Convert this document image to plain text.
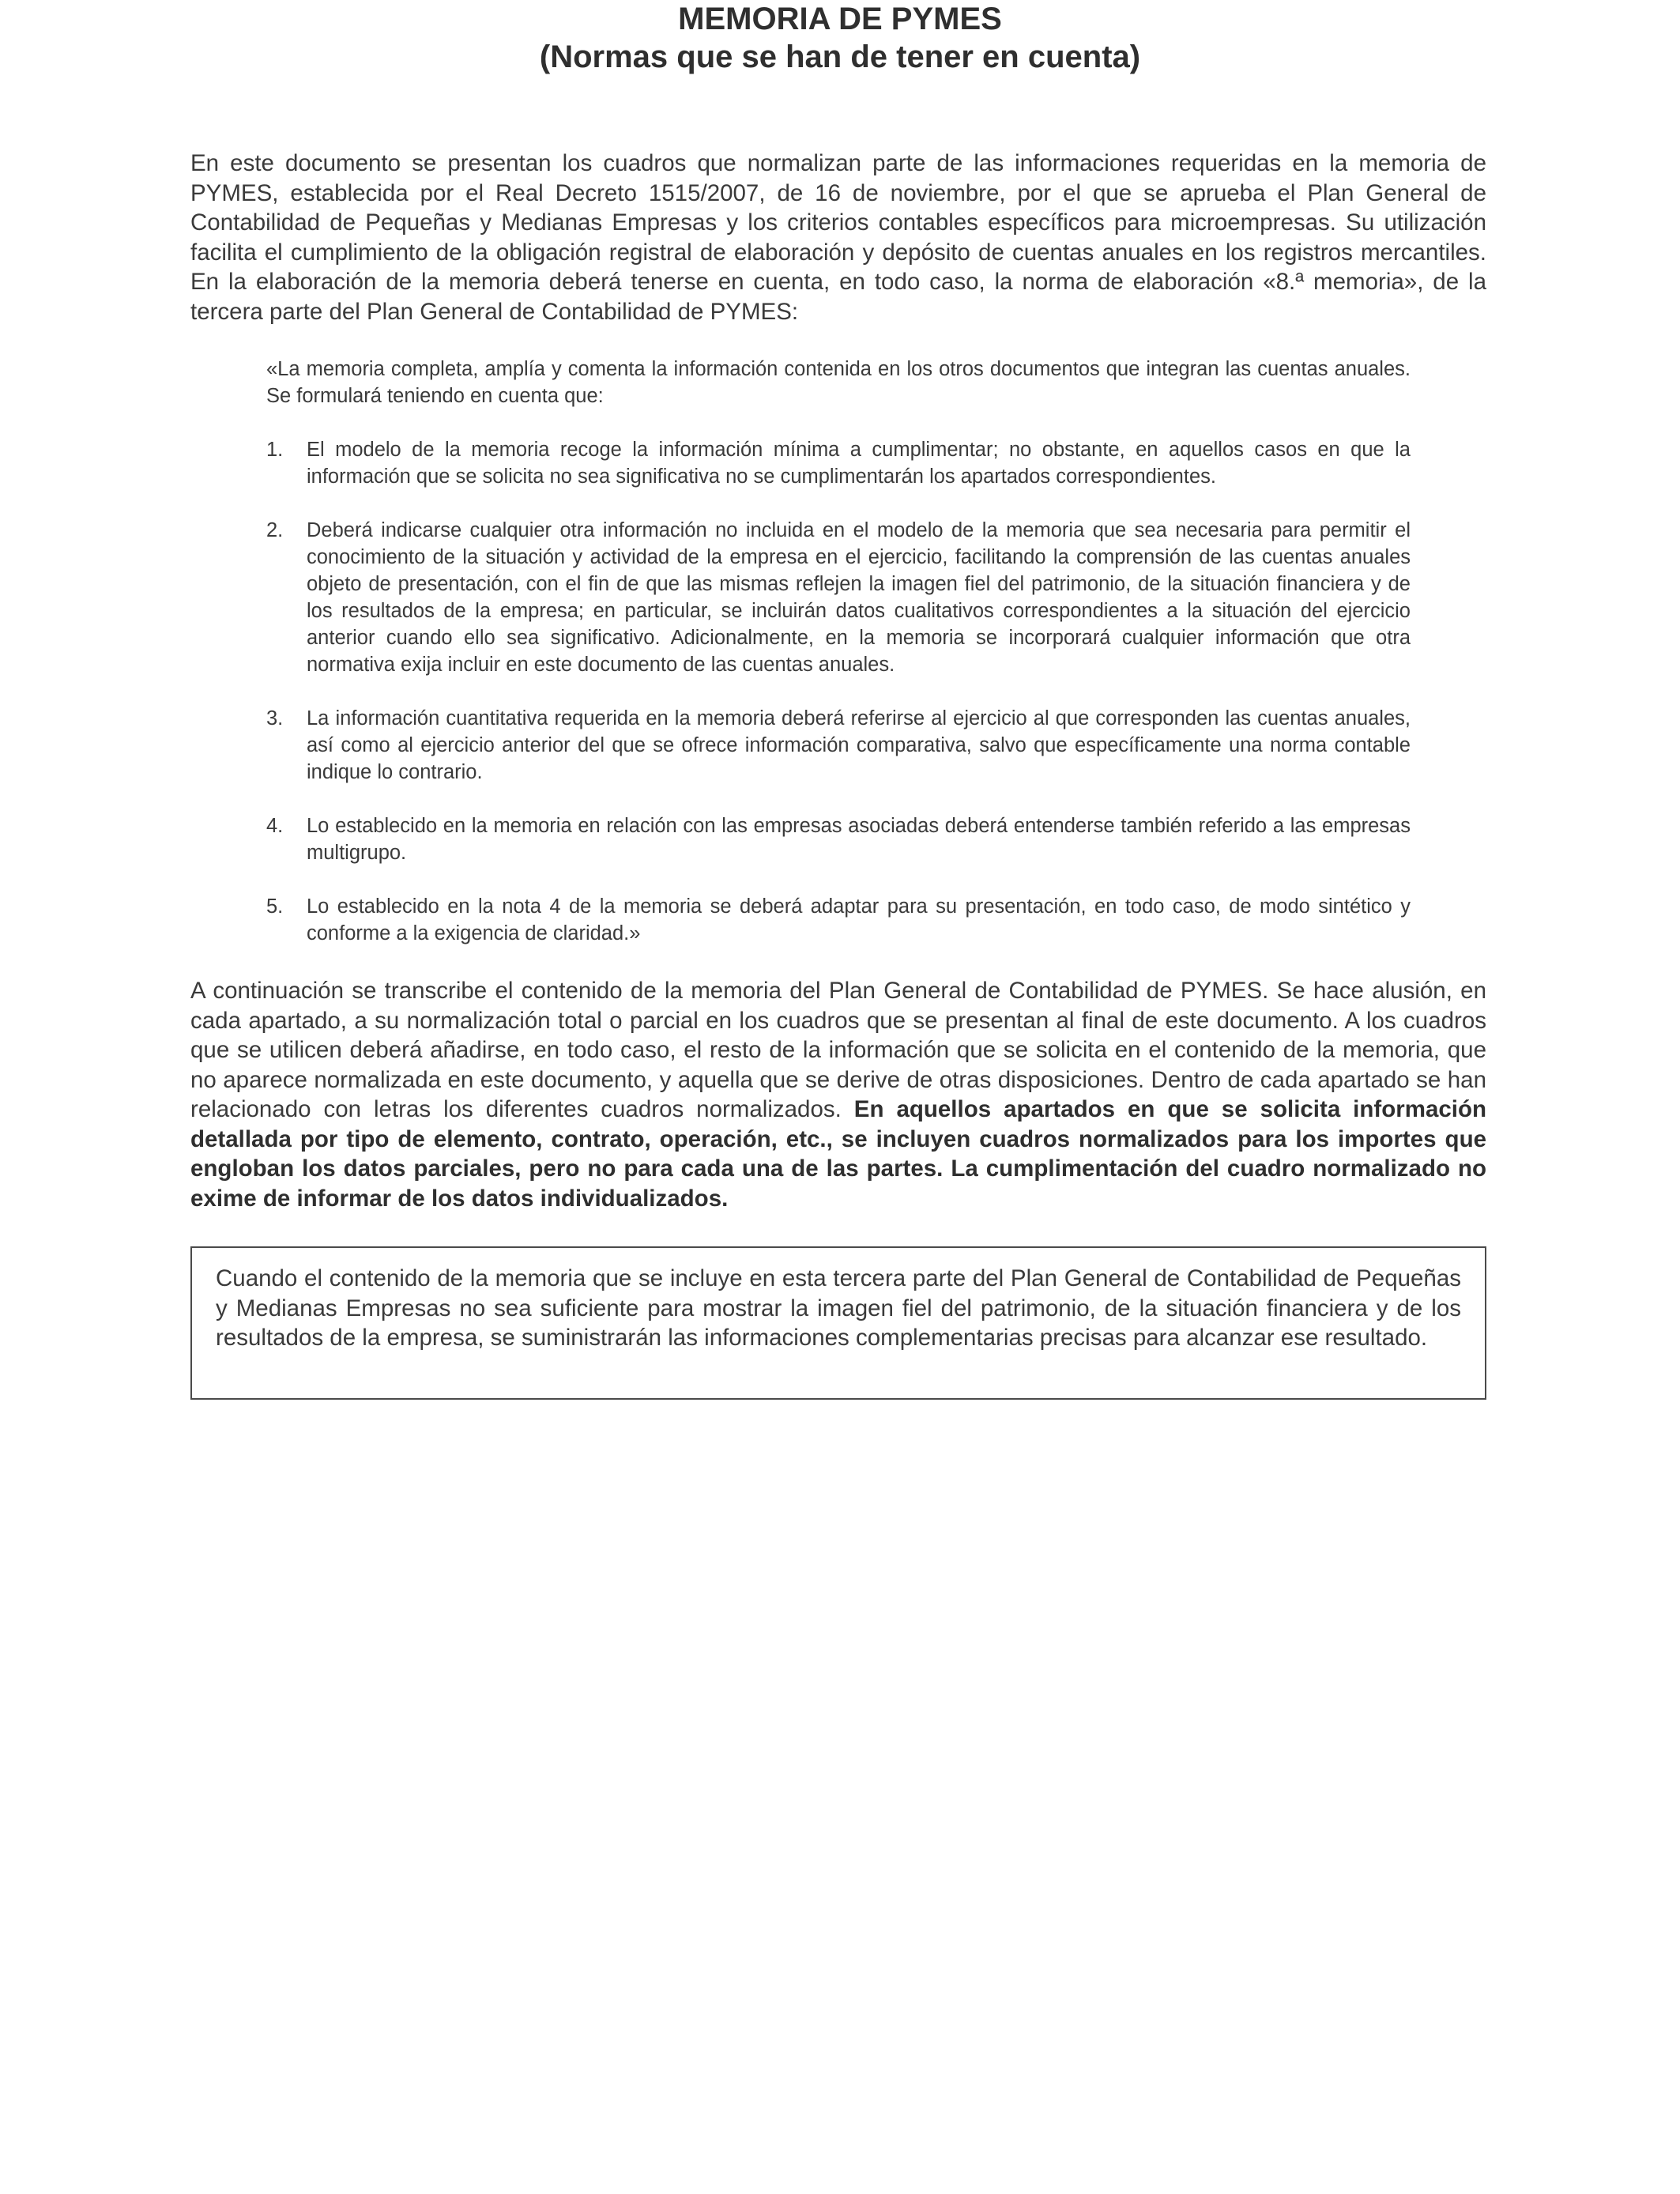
MEMORIA DE PYMES
(Normas que se han de tener en cuenta)

En este documento se presentan los cuadros que normalizan parte de las informaciones requeridas en la memoria de PYMES, establecida por el Real Decreto 1515/2007, de 16 de noviembre, por el que se aprueba el Plan General de Contabilidad de Pequeñas y Medianas Empresas y los criterios contables específicos para microempresas. Su utilización facilita el cumplimiento de la obligación registral de elaboración y depósito de cuentas anuales en los registros mercantiles. En la elaboración de la memoria deberá tenerse en cuenta, en todo caso, la norma de elaboración «8.ª memoria», de la tercera parte del Plan General de Contabilidad de PYMES:

«La memoria completa, amplía y comenta la información contenida en los otros documentos que integran las cuentas anuales. Se formulará teniendo en cuenta que:

1.	El modelo de la memoria recoge la información mínima a cumplimentar; no obstante, en aquellos casos en que la información que se solicita no sea significativa no se cumplimentarán los apartados correspondientes.
2.	Deberá indicarse cualquier otra información no incluida en el modelo de la memoria que sea necesaria para permitir el conocimiento de la situación y actividad de la empresa en el ejercicio, facilitando la comprensión de las cuentas anuales objeto de presentación, con el fin de que las mismas reflejen la imagen fiel del patrimonio, de la situación financiera y de los resultados de la empresa; en particular, se incluirán datos cualitativos correspondientes a la situación del ejercicio anterior cuando ello sea significativo. Adicionalmente, en la memoria se incorporará cualquier información que otra normativa exija incluir en este documento de las cuentas anuales.
3.	La información cuantitativa requerida en la memoria deberá referirse al ejercicio al que corresponden las cuentas anuales, así como al ejercicio anterior del que se ofrece información comparativa, salvo que específicamente una norma contable indique lo contrario.
4.	Lo establecido en la memoria en relación con las empresas asociadas deberá entenderse también referido a las empresas multigrupo.
5.	Lo establecido en la nota 4 de la memoria se deberá adaptar para su presentación, en todo caso, de modo sintético y conforme a la exigencia de claridad.»

A continuación se transcribe el contenido de la memoria del Plan General de Contabilidad de PYMES. Se hace alusión, en cada apartado, a su normalización total o parcial en los cuadros que se presentan al final de este documento. A los cuadros que se utilicen deberá añadirse, en todo caso, el resto de la información que se solicita en el contenido de la memoria, que no aparece normalizada en este documento, y aquella que se derive de otras disposiciones. Dentro de cada apartado se han relacionado con letras los diferentes cuadros normalizados. En aquellos apartados en que se solicita información detallada por tipo de elemento, contrato, operación, etc., se incluyen cuadros normalizados para los importes que engloban los datos parciales, pero no para cada una de las partes. La cumplimentación del cuadro normalizado no exime de informar de los datos individualizados.

Cuando el contenido de la memoria que se incluye en esta tercera parte del Plan General de Contabilidad de Pequeñas y Medianas Empresas no sea suficiente para mostrar la imagen fiel del patrimonio, de la situación financiera y de los resultados de la empresa, se suministrarán las informaciones complementarias precisas para alcanzar ese resultado.
